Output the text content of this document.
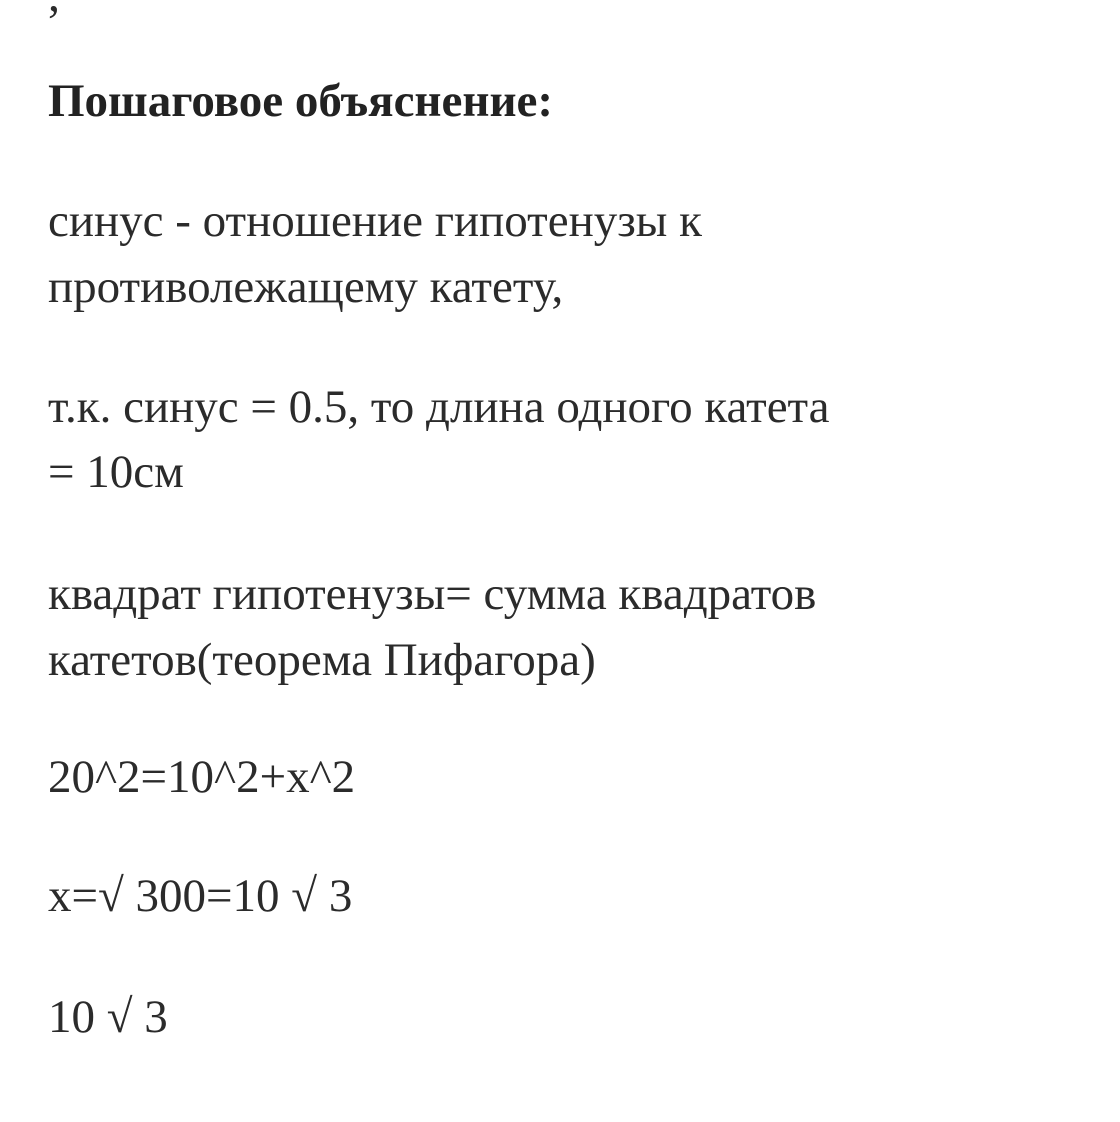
Пошаговое объяснение:
синус - отношение гипотенузы к
противолежащему катету,
т.к. синус = 0.5, то длина одного катета
= 10см
квадрат гипотенузы= сумма квадратов
катетов(теорема Пифагора)
20^2=10^2+x^2
x=√ 300=10 √ 3
10 √ 3
